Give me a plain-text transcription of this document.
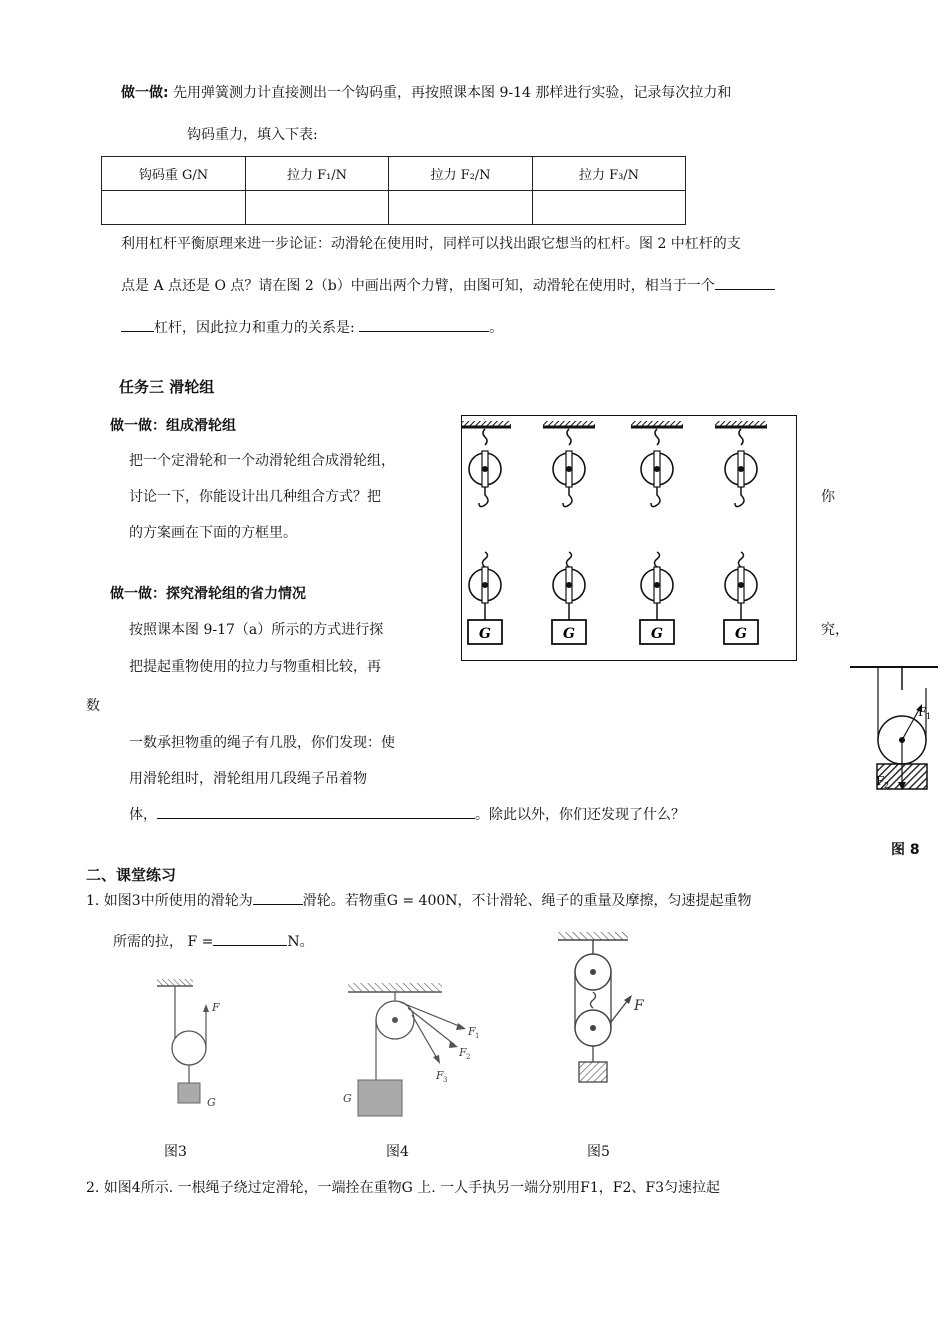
做一做: 先用弹簧测力计直接测出一个钩码重，再按照课本图 9-14 那样进行实验，记录每次拉力和
钩码重力，填入下表:
钩码重 G/N	拉力 F₁/N	拉力 F₂/N	拉力 F₃/N

利用杠杆平衡原理来进一步论证：动滑轮在使用时，同样可以找出跟它想当的杠杆。图 2 中杠杆的支
点是 A 点还是 O 点？请在图 2（b）中画出两个力臂，由图可知，动滑轮在使用时，相当于一个
杠杆，因此拉力和重力的关系是:	。
任务三 滑轮组
做一做：组成滑轮组
把一个定滑轮和一个动滑轮组合成滑轮组，
讨论一下，你能设计出几种组合方式？把	你
的方案画在下面的方框里。
做一做：探究滑轮组的省力情况
按照课本图 9-17（a）所示的方式进行探	究，
把提起重物使用的拉力与物重相比较，再
数
一数承担物重的绳子有几股，你们发现：使
用滑轮组时，滑轮组用几段绳子吊着物
体，	。除此以外，你们还发现了什么？
G	G	G	G
F 1
F 2
图 8
二、课堂练习
1. 如图3中所使用的滑轮为	滑轮。若物重G = 400N，不计滑轮、绳子的重量及摩擦，匀速提起重物
所需的拉， F =	N。
F
G
图3
F 1
F 2
F 3
G
图4
F
图5
2. 如图4所示. 一根绳子绕过定滑轮，一端拴在重物G 上. 一人手执另一端分别用F1，F2、F3匀速拉起
